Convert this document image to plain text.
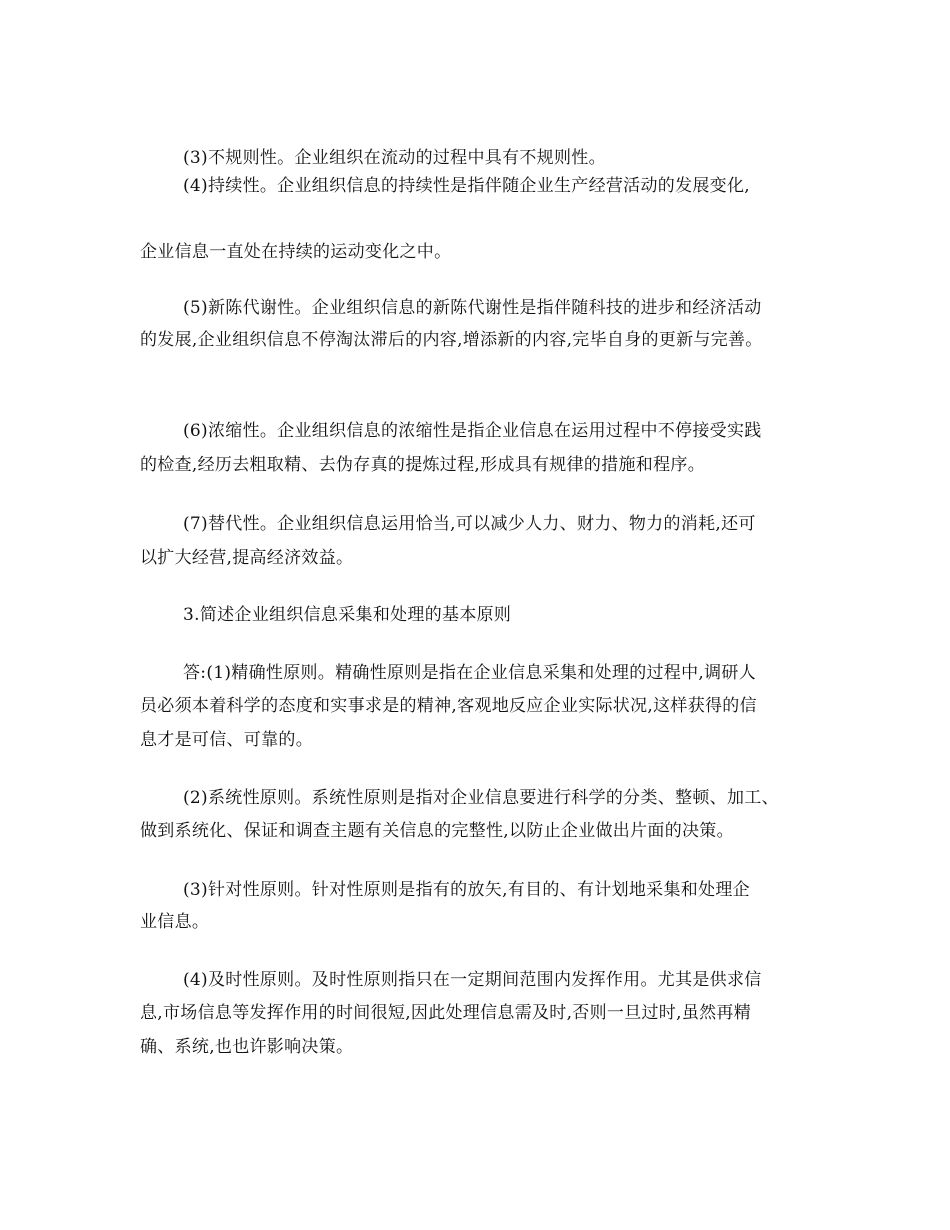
(3)不规则性。企业组织在流动的过程中具有不规则性。
(4)持续性。企业组织信息的持续性是指伴随企业生产经营活动的发展变化,
企业信息一直处在持续的运动变化之中。
(5)新陈代谢性。企业组织信息的新陈代谢性是指伴随科技的进步和经济活动
的发展,企业组织信息不停淘汰滞后的内容,增添新的内容,完毕自身的更新与完善。
(6)浓缩性。企业组织信息的浓缩性是指企业信息在运用过程中不停接受实践
的检查,经历去粗取精、去伪存真的提炼过程,形成具有规律的措施和程序。
(7)替代性。企业组织信息运用恰当,可以减少人力、财力、物力的消耗,还可
以扩大经营,提高经济效益。
3.简述企业组织信息采集和处理的基本原则
答:(1)精确性原则。精确性原则是指在企业信息采集和处理的过程中,调研人
员必须本着科学的态度和实事求是的精神,客观地反应企业实际状况,这样获得的信
息才是可信、可靠的。
(2)系统性原则。系统性原则是指对企业信息要进行科学的分类、整顿、加工、
做到系统化、保证和调查主题有关信息的完整性,以防止企业做出片面的决策。
(3)针对性原则。针对性原则是指有的放矢,有目的、有计划地采集和处理企
业信息。
(4)及时性原则。及时性原则指只在一定期间范围内发挥作用。尤其是供求信
息,市场信息等发挥作用的时间很短,因此处理信息需及时,否则一旦过时,虽然再精
确、系统,也也许影响决策。
